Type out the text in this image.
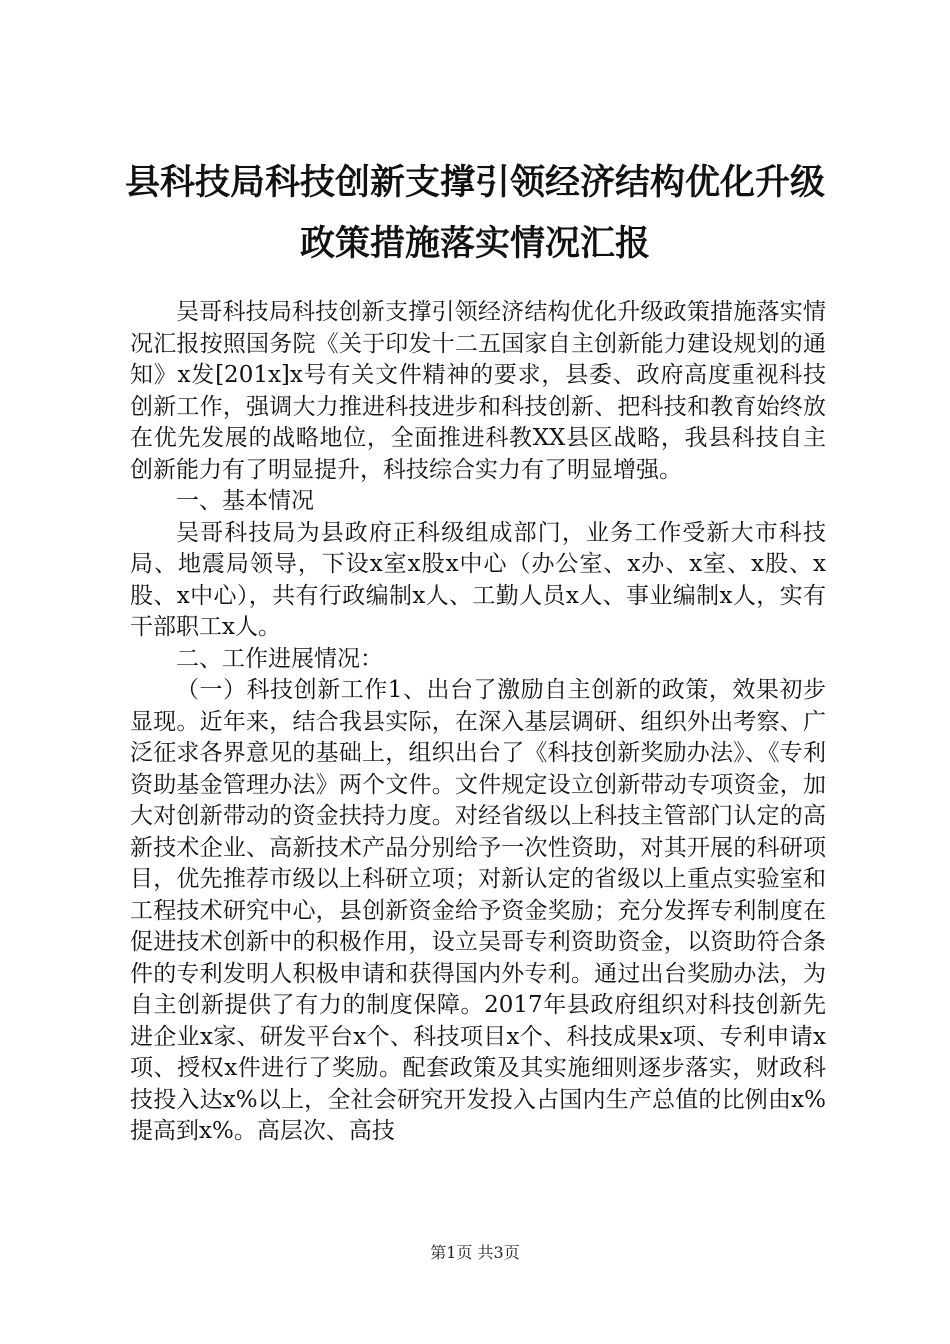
县科技局科技创新支撑引领经济结构优化升级
政策措施落实情况汇报

吴哥科技局科技创新支撑引领经济结构优化升级政策措施落实情况汇报按照国务院《关于印发十二五国家自主创新能力建设规划的通知》x发[201x]x号有关文件精神的要求，县委、政府高度重视科技创新工作，强调大力推进科技进步和科技创新、把科技和教育始终放在优先发展的战略地位，全面推进科教XX县区战略，我县科技自主创新能力有了明显提升，科技综合实力有了明显增强。

一、基本情况

吴哥科技局为县政府正科级组成部门，业务工作受新大市科技局、地震局领导，下设x室x股x中心（办公室、x办、x室、x股、x股、x中心），共有行政编制x人、工勤人员x人、事业编制x人，实有干部职工x人。

二、工作进展情况：

（一）科技创新工作1、出台了激励自主创新的政策，效果初步显现。近年来，结合我县实际，在深入基层调研、组织外出考察、广泛征求各界意见的基础上，组织出台了《科技创新奖励办法》、《专利资助基金管理办法》两个文件。文件规定设立创新带动专项资金，加大对创新带动的资金扶持力度。对经省级以上科技主管部门认定的高新技术企业、高新技术产品分别给予一次性资助，对其开展的科研项目，优先推荐市级以上科研立项；对新认定的省级以上重点实验室和工程技术研究中心，县创新资金给予资金奖励；充分发挥专利制度在促进技术创新中的积极作用，设立吴哥专利资助资金，以资助符合条件的专利发明人积极申请和获得国内外专利。通过出台奖励办法，为自主创新提供了有力的制度保障。2017年县政府组织对科技创新先进企业x家、研发平台x个、科技项目x个、科技成果x项、专利申请x项、授权x件进行了奖励。配套政策及其实施细则逐步落实，财政科技投入达x%以上，全社会研究开发投入占国内生产总值的比例由x%提高到x%。高层次、高技

第1页 共3页
